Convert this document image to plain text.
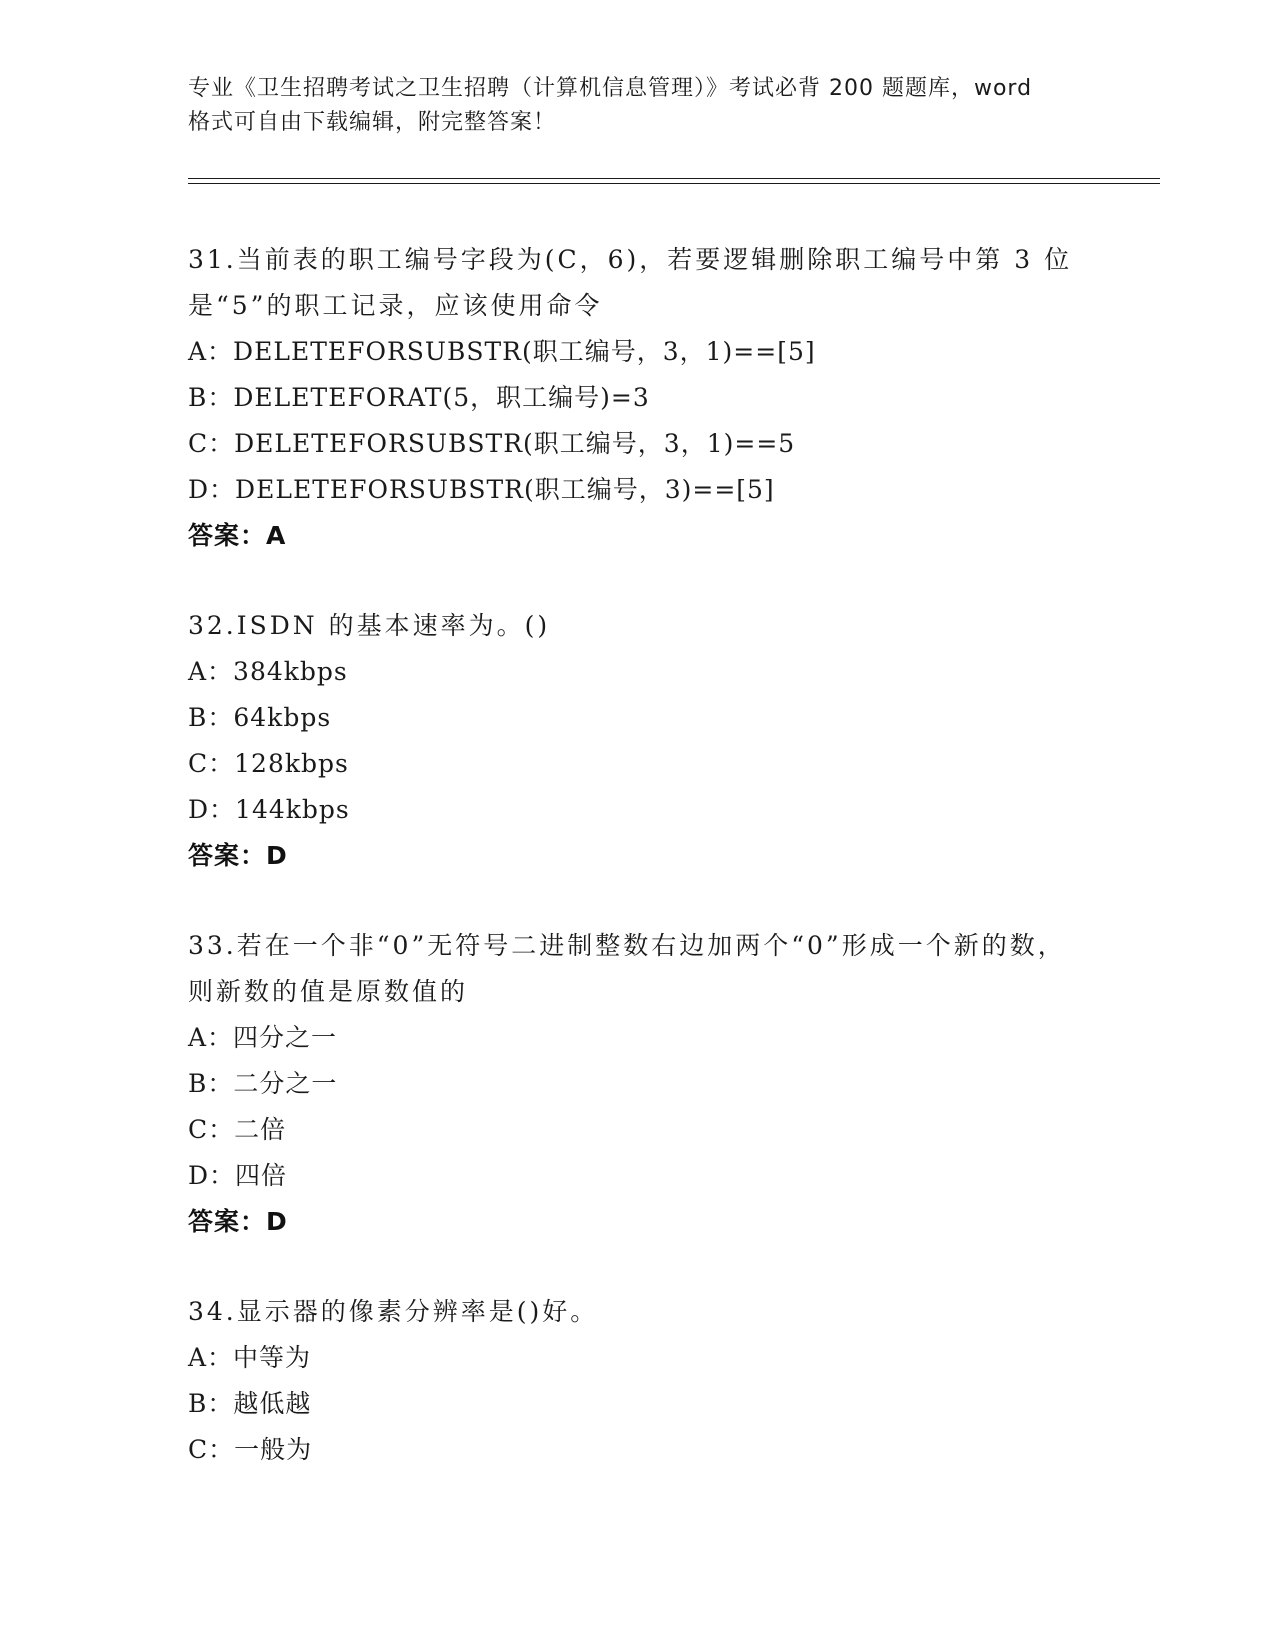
专业《卫生招聘考试之卫生招聘（计算机信息管理）》考试必背 200 题题库，word
格式可自由下载编辑，附完整答案！
31.当前表的职工编号字段为(C，6)，若要逻辑删除职工编号中第 3 位是“5”的职工记录，应该使用命令
A：DELETEFORSUBSTR(职工编号，3，1)==[5]
B：DELETEFORAT(5，职工编号)=3
C：DELETEFORSUBSTR(职工编号，3，1)==5
D：DELETEFORSUBSTR(职工编号，3)==[5]
答案：A
32.ISDN 的基本速率为。()
A：384kbps
B：64kbps
C：128kbps
D：144kbps
答案：D
33.若在一个非“0”无符号二进制整数右边加两个“0”形成一个新的数，则新数的值是原数值的
A：四分之一
B：二分之一
C：二倍
D：四倍
答案：D
34.显示器的像素分辨率是()好。
A：中等为
B：越低越
C：一般为
